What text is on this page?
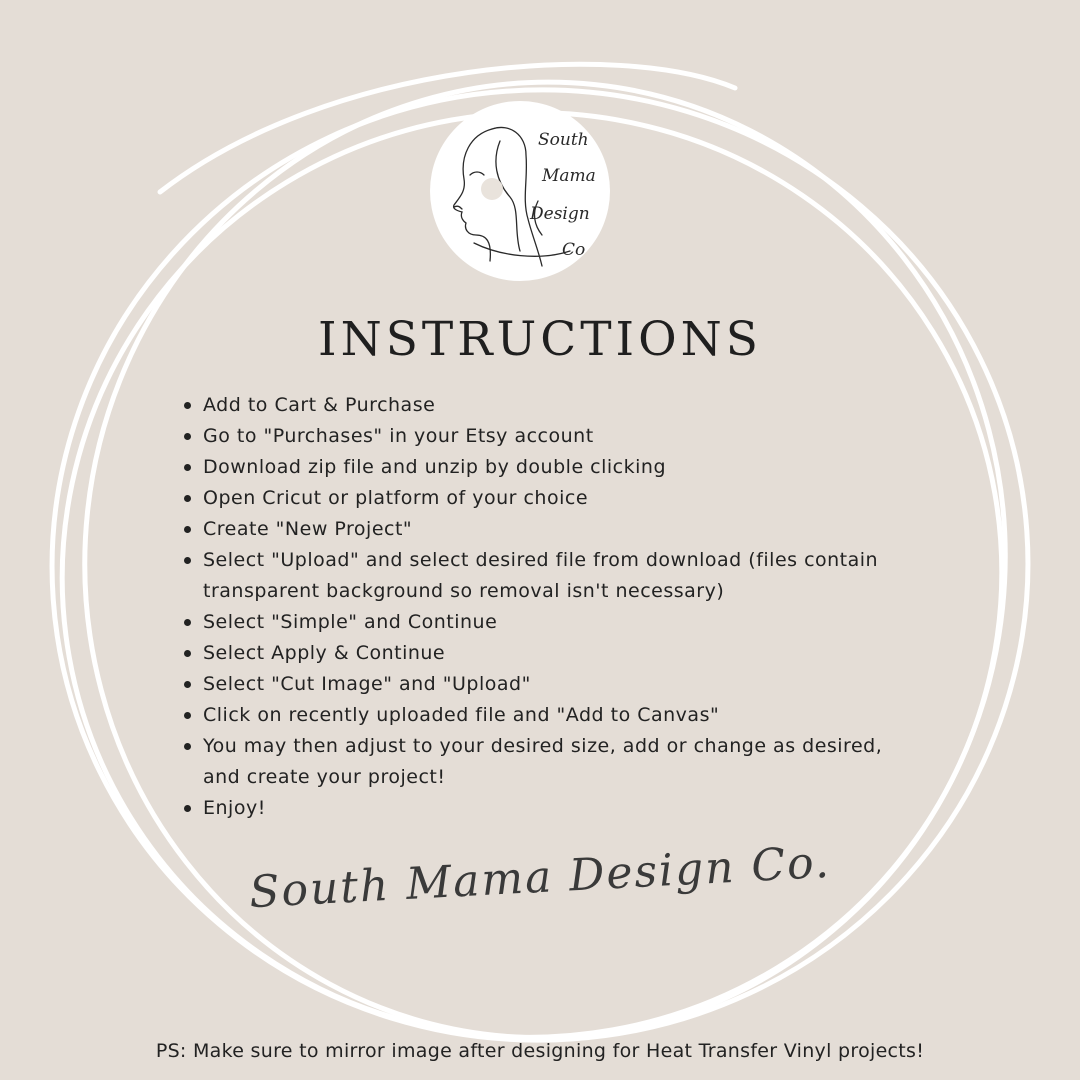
South
Mama
Design
Co.
INSTRUCTIONS
Add to Cart & Purchase
Go to "Purchases" in your Etsy account
Download zip file and unzip by double clicking
Open Cricut or platform of your choice
Create "New Project"
Select "Upload" and select desired file from download (files contain transparent background so removal isn't necessary)
Select "Simple" and Continue
Select Apply & Continue
Select "Cut Image" and "Upload"
Click on recently uploaded file and "Add to Canvas"
You may then adjust to your desired size, add or change as desired, and create your project!
Enjoy!
South Mama Design Co.
PS: Make sure to mirror image after designing for Heat Transfer Vinyl projects!
